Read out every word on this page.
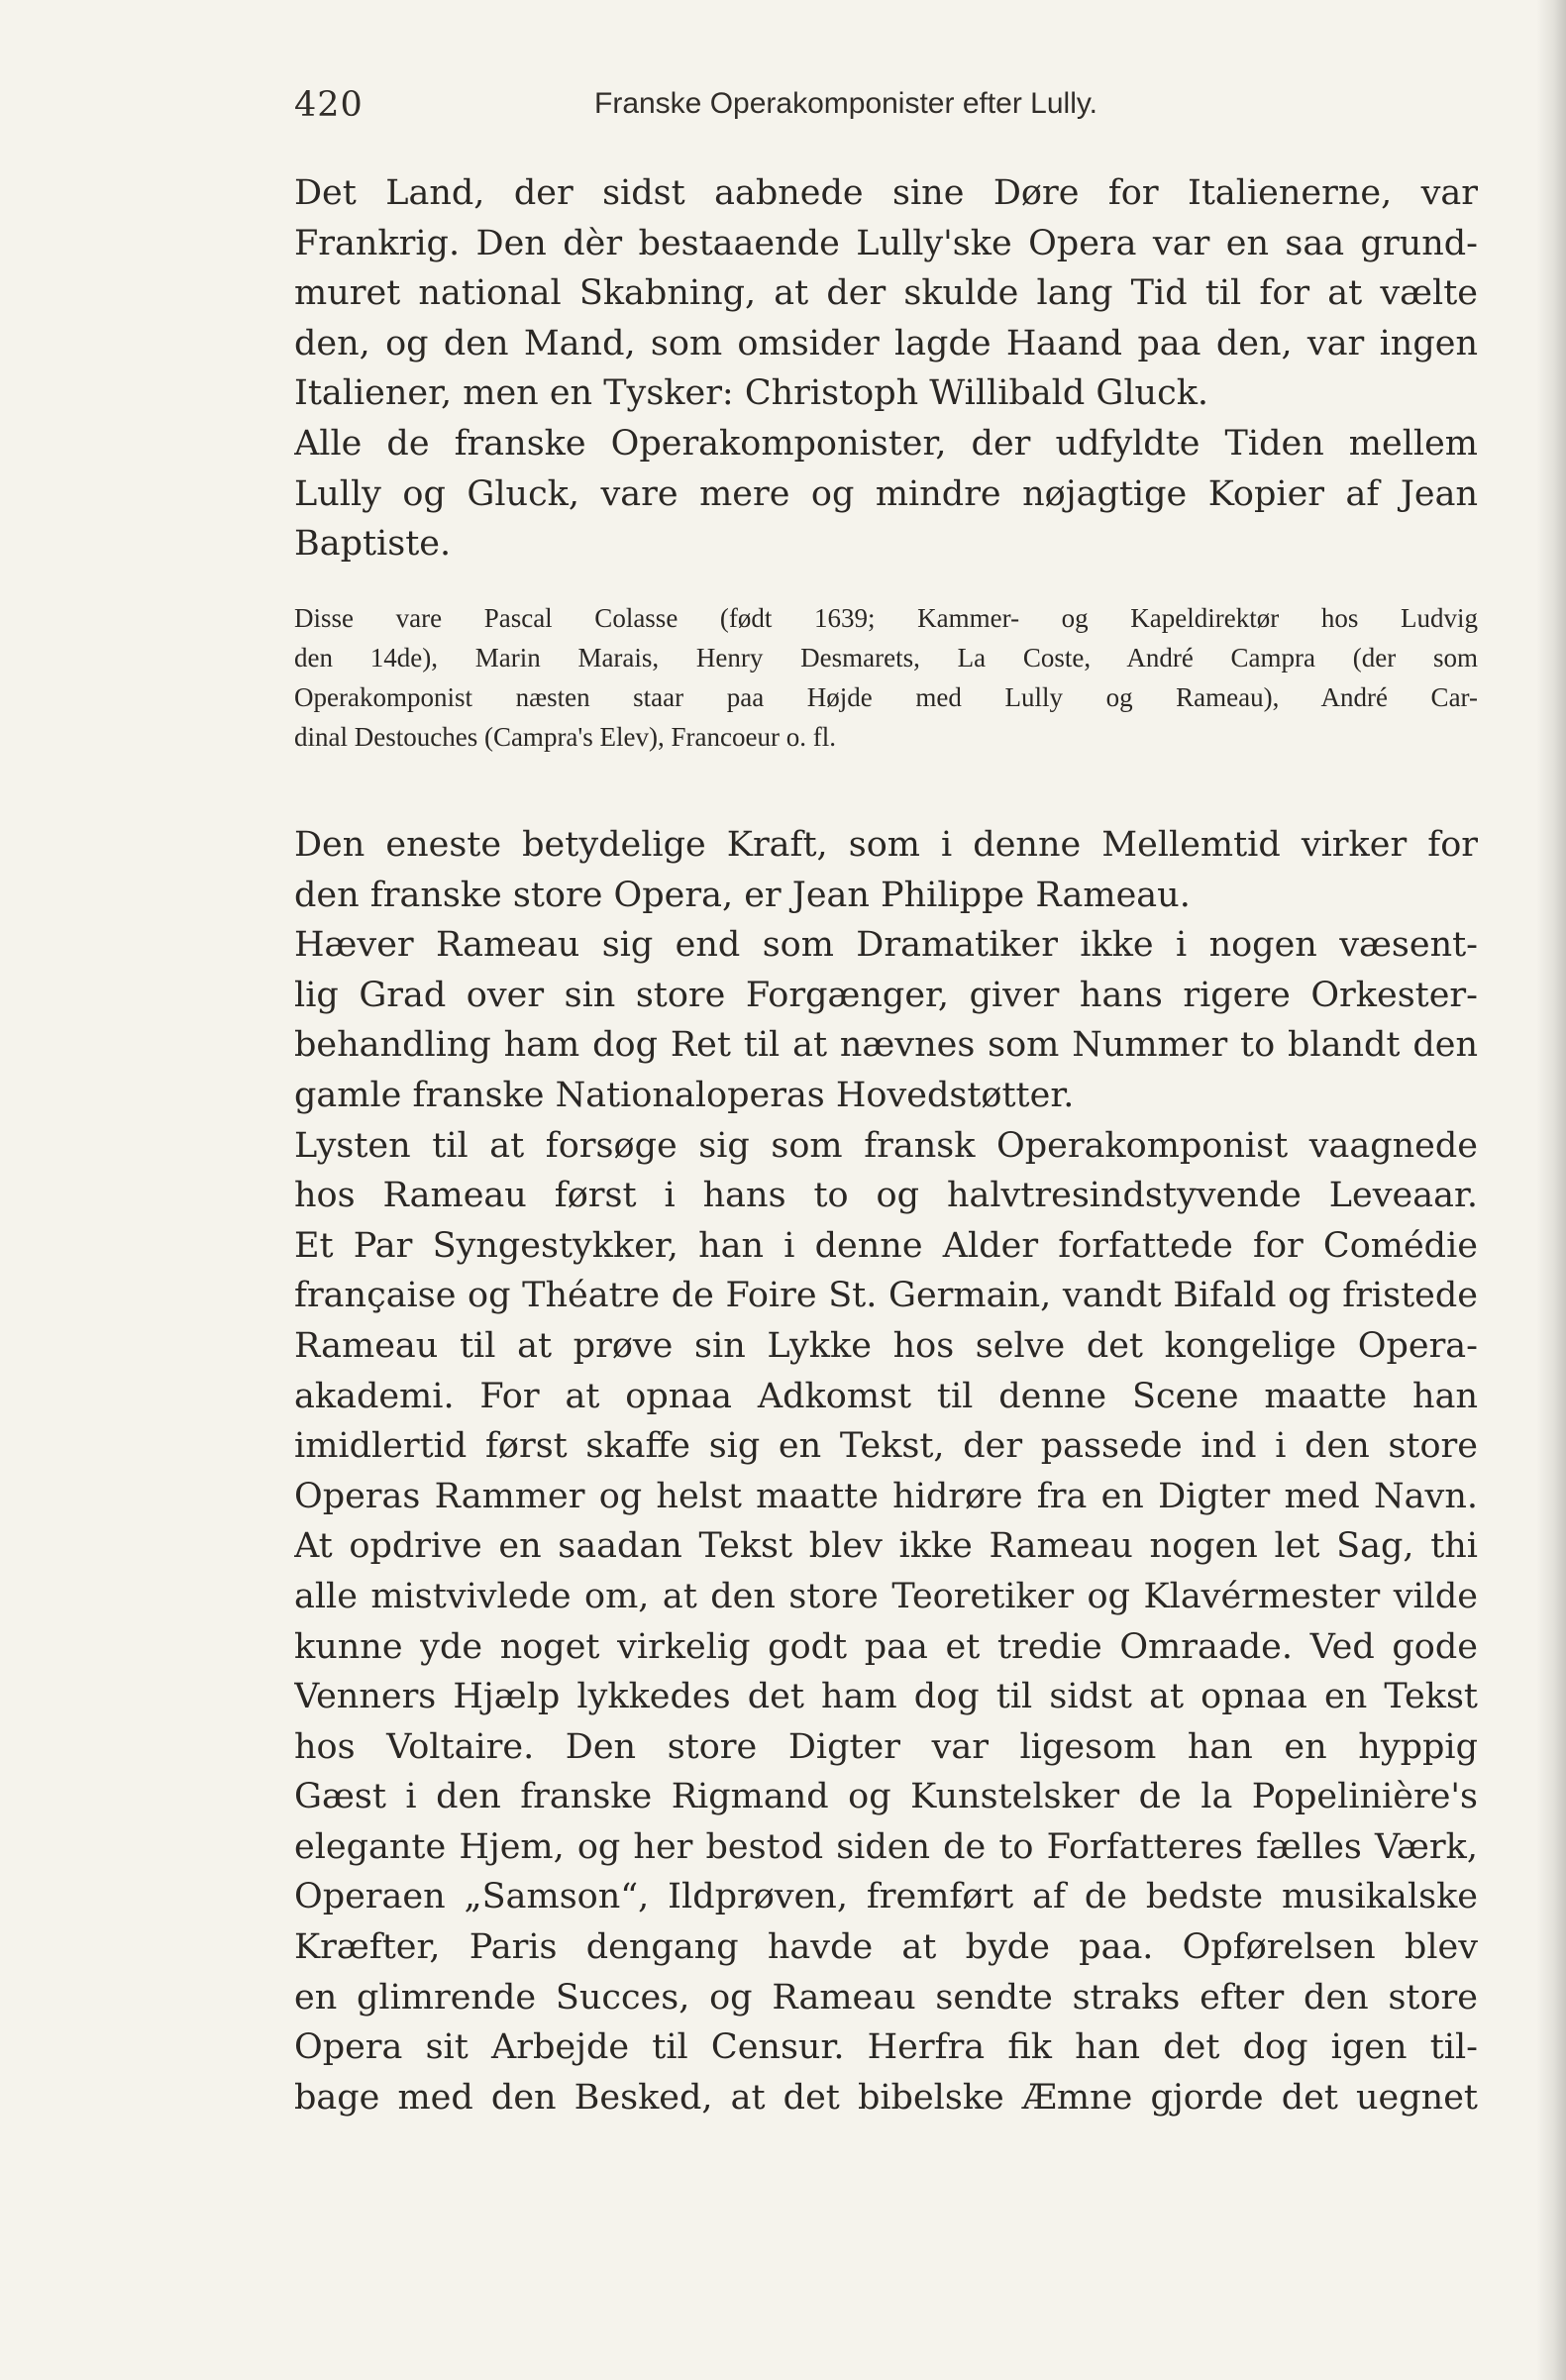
420	Franske Operakomponister efter Lully.
Det Land, der sidst aabnede sine Døre for Italienerne, var
Frankrig. Den dèr bestaaende Lully'ske Opera var en saa grund-
muret national Skabning, at der skulde lang Tid til for at vælte
den, og den Mand, som omsider lagde Haand paa den, var ingen
Italiener, men en Tysker: Christoph Willibald Gluck.
Alle de franske Operakomponister, der udfyldte Tiden mellem
Lully og Gluck, vare mere og mindre nøjagtige Kopier af Jean
Baptiste.
Disse vare Pascal Colasse (født 1639; Kammer- og Kapeldirektør hos Ludvig
den 14de), Marin Marais, Henry Desmarets, La Coste, André Campra (der som
Operakomponist næsten staar paa Højde med Lully og Rameau), André Car-
dinal Destouches (Campra's Elev), Francoeur o. fl.
Den eneste betydelige Kraft, som i denne Mellemtid virker for
den franske store Opera, er Jean Philippe Rameau.
Hæver Rameau sig end som Dramatiker ikke i nogen væsent-
lig Grad over sin store Forgænger, giver hans rigere Orkester-
behandling ham dog Ret til at nævnes som Nummer to blandt den
gamle franske Nationaloperas Hovedstøtter.
Lysten til at forsøge sig som fransk Operakomponist vaagnede
hos Rameau først i hans to og halvtresindstyvende Leveaar.
Et Par Syngestykker, han i denne Alder forfattede for Comédie
française og Théatre de Foire St. Germain, vandt Bifald og fristede
Rameau til at prøve sin Lykke hos selve det kongelige Opera-
akademi. For at opnaa Adkomst til denne Scene maatte han
imidlertid først skaffe sig en Tekst, der passede ind i den store
Operas Rammer og helst maatte hidrøre fra en Digter med Navn.
At opdrive en saadan Tekst blev ikke Rameau nogen let Sag, thi
alle mistvivlede om, at den store Teoretiker og Klavérmester vilde
kunne yde noget virkelig godt paa et tredie Omraade. Ved gode
Venners Hjælp lykkedes det ham dog til sidst at opnaa en Tekst
hos Voltaire. Den store Digter var ligesom han en hyppig
Gæst i den franske Rigmand og Kunstelsker de la Popelinière's
elegante Hjem, og her bestod siden de to Forfatteres fælles Værk,
Operaen „Samson“, Ildprøven, fremført af de bedste musikalske
Kræfter, Paris dengang havde at byde paa. Opførelsen blev
en glimrende Succes, og Rameau sendte straks efter den store
Opera sit Arbejde til Censur. Herfra fik han det dog igen til-
bage med den Besked, at det bibelske Æmne gjorde det uegnet
